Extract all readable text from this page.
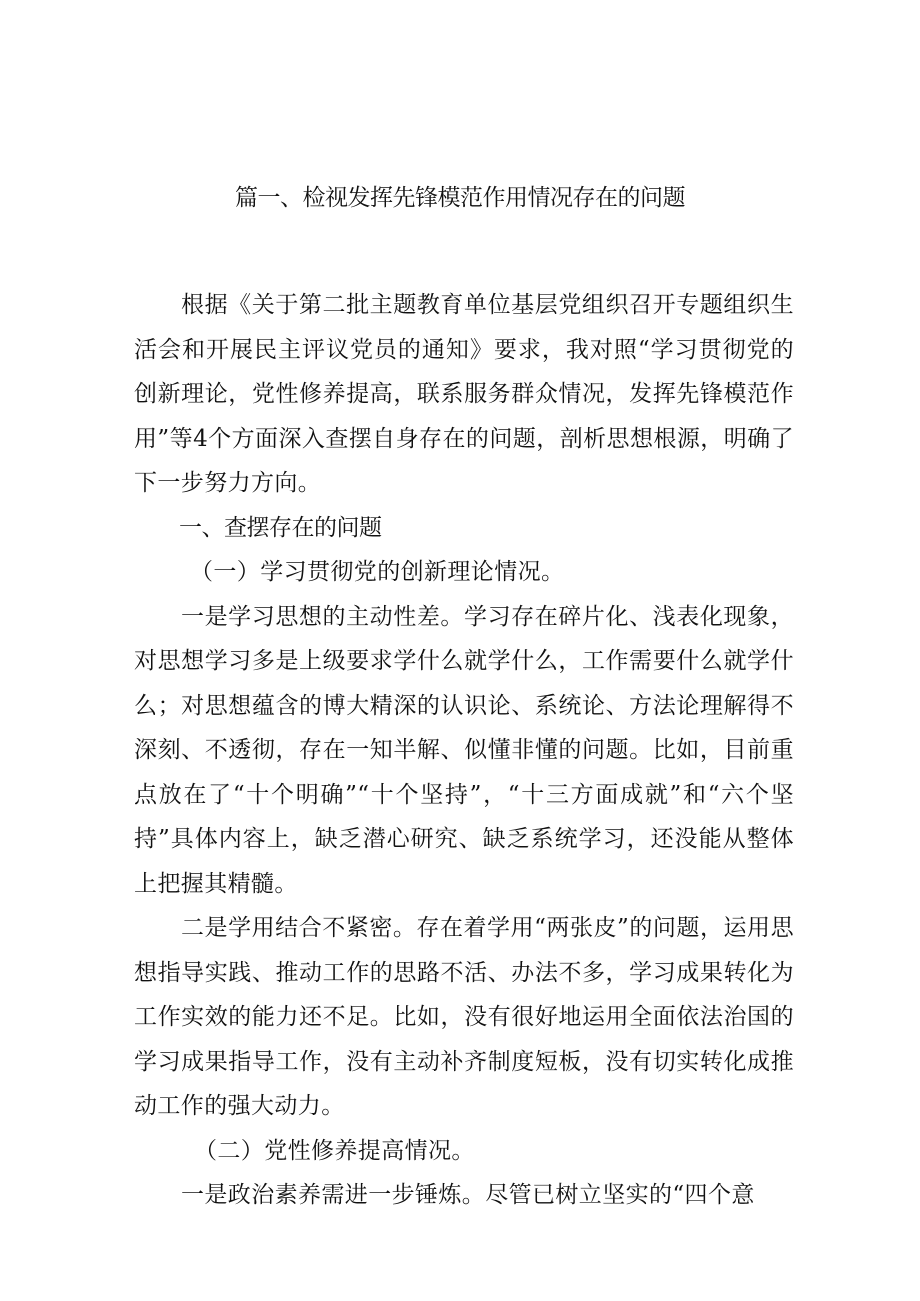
篇一、检视发挥先锋模范作用情况存在的问题

根据《关于第二批主题教育单位基层党组织召开专题组织生活会和开展民主评议党员的通知》要求，我对照“学习贯彻党的创新理论，党性修养提高，联系服务群众情况，发挥先锋模范作用”等4个方面深入查摆自身存在的问题，剖析思想根源，明确了下一步努力方向。

一、查摆存在的问题

（一）学习贯彻党的创新理论情况。

一是学习思想的主动性差。学习存在碎片化、浅表化现象，对思想学习多是上级要求学什么就学什么，工作需要什么就学什么；对思想蕴含的博大精深的认识论、系统论、方法论理解得不深刻、不透彻，存在一知半解、似懂非懂的问题。比如，目前重点放在了“十个明确”“十个坚持”，“十三方面成就”和“六个坚持”具体内容上，缺乏潜心研究、缺乏系统学习，还没能从整体上把握其精髓。

二是学用结合不紧密。存在着学用“两张皮”的问题，运用思想指导实践、推动工作的思路不活、办法不多，学习成果转化为工作实效的能力还不足。比如，没有很好地运用全面依法治国的学习成果指导工作，没有主动补齐制度短板，没有切实转化成推动工作的强大动力。

（二）党性修养提高情况。

一是政治素养需进一步锤炼。尽管已树立坚实的“四个意
